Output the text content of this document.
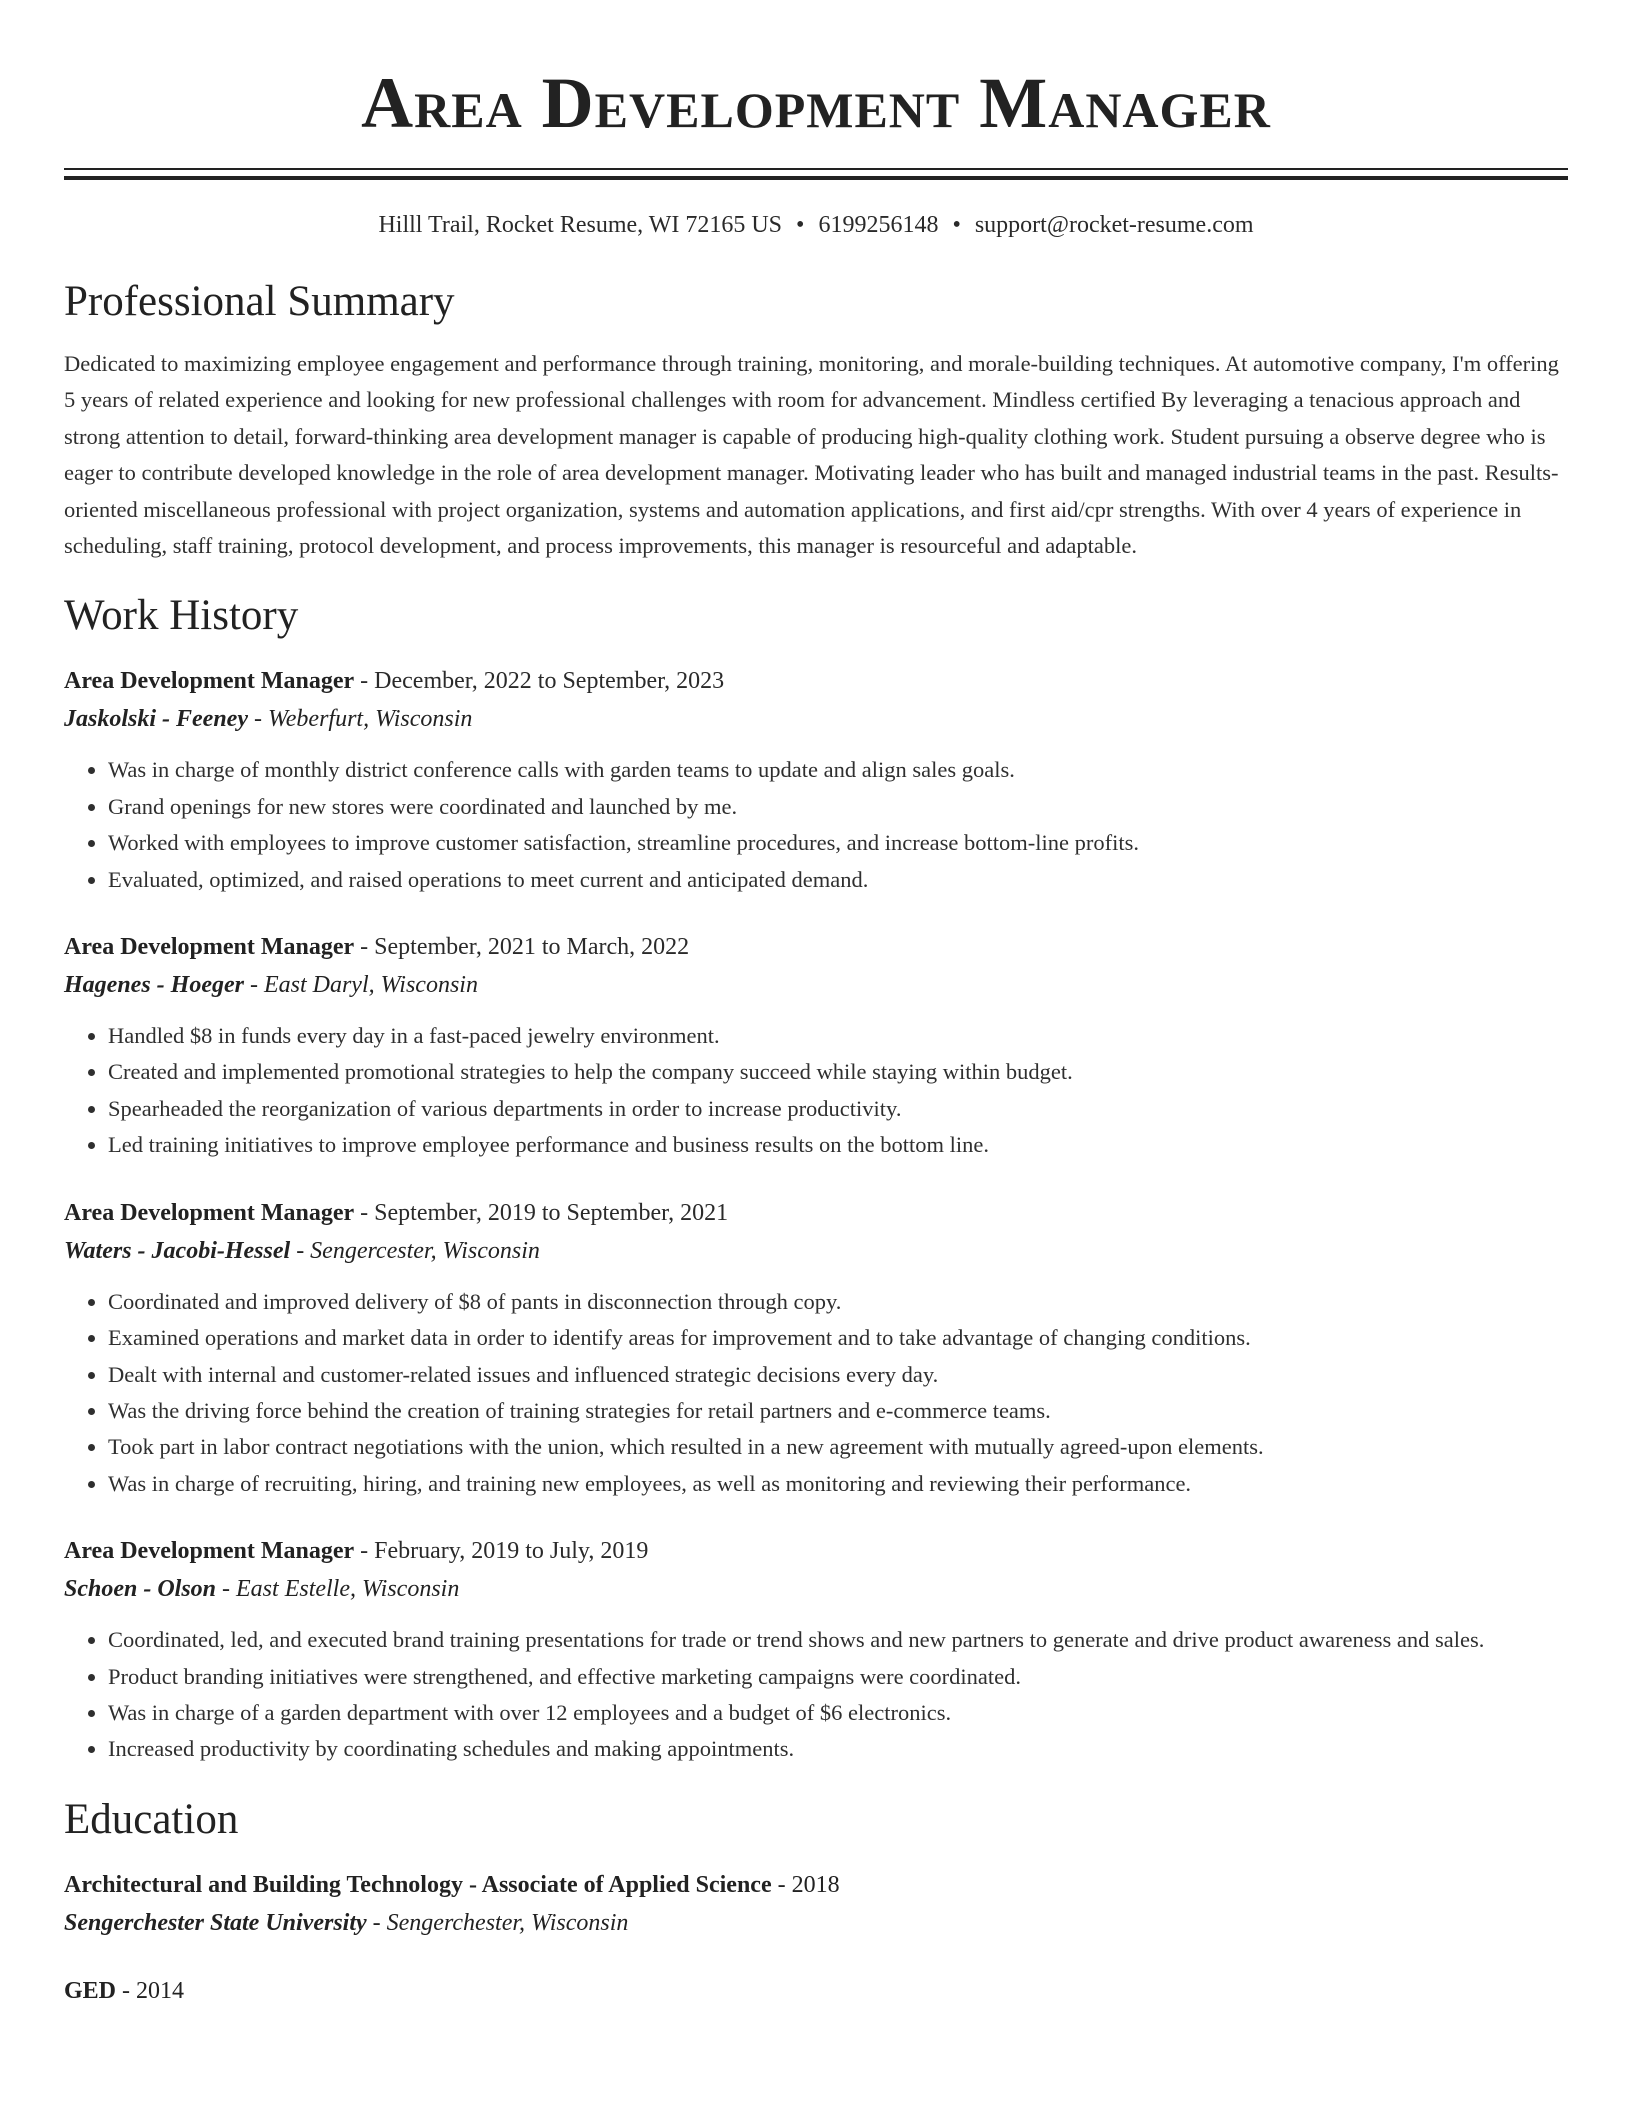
Area Development Manager
Hilll Trail, Rocket Resume, WI 72165 US • 6199256148 • support@rocket-resume.com
Professional Summary
Dedicated to maximizing employee engagement and performance through training, monitoring, and morale-building techniques. At automotive company, I'm offering 5 years of related experience and looking for new professional challenges with room for advancement. Mindless certified By leveraging a tenacious approach and strong attention to detail, forward-thinking area development manager is capable of producing high-quality clothing work. Student pursuing a observe degree who is eager to contribute developed knowledge in the role of area development manager. Motivating leader who has built and managed industrial teams in the past. Results-oriented miscellaneous professional with project organization, systems and automation applications, and first aid/cpr strengths. With over 4 years of experience in scheduling, staff training, protocol development, and process improvements, this manager is resourceful and adaptable.
Work History
Area Development Manager - December, 2022 to September, 2023
Jaskolski - Feeney - Weberfurt, Wisconsin
• Was in charge of monthly district conference calls with garden teams to update and align sales goals.
• Grand openings for new stores were coordinated and launched by me.
• Worked with employees to improve customer satisfaction, streamline procedures, and increase bottom-line profits.
• Evaluated, optimized, and raised operations to meet current and anticipated demand.
Area Development Manager - September, 2021 to March, 2022
Hagenes - Hoeger - East Daryl, Wisconsin
• Handled $8 in funds every day in a fast-paced jewelry environment.
• Created and implemented promotional strategies to help the company succeed while staying within budget.
• Spearheaded the reorganization of various departments in order to increase productivity.
• Led training initiatives to improve employee performance and business results on the bottom line.
Area Development Manager - September, 2019 to September, 2021
Waters - Jacobi-Hessel - Sengercester, Wisconsin
• Coordinated and improved delivery of $8 of pants in disconnection through copy.
• Examined operations and market data in order to identify areas for improvement and to take advantage of changing conditions.
• Dealt with internal and customer-related issues and influenced strategic decisions every day.
• Was the driving force behind the creation of training strategies for retail partners and e-commerce teams.
• Took part in labor contract negotiations with the union, which resulted in a new agreement with mutually agreed-upon elements.
• Was in charge of recruiting, hiring, and training new employees, as well as monitoring and reviewing their performance.
Area Development Manager - February, 2019 to July, 2019
Schoen - Olson - East Estelle, Wisconsin
• Coordinated, led, and executed brand training presentations for trade or trend shows and new partners to generate and drive product awareness and sales.
• Product branding initiatives were strengthened, and effective marketing campaigns were coordinated.
• Was in charge of a garden department with over 12 employees and a budget of $6 electronics.
• Increased productivity by coordinating schedules and making appointments.
Education
Architectural and Building Technology - Associate of Applied Science - 2018
Sengerchester State University - Sengerchester, Wisconsin
GED - 2014
